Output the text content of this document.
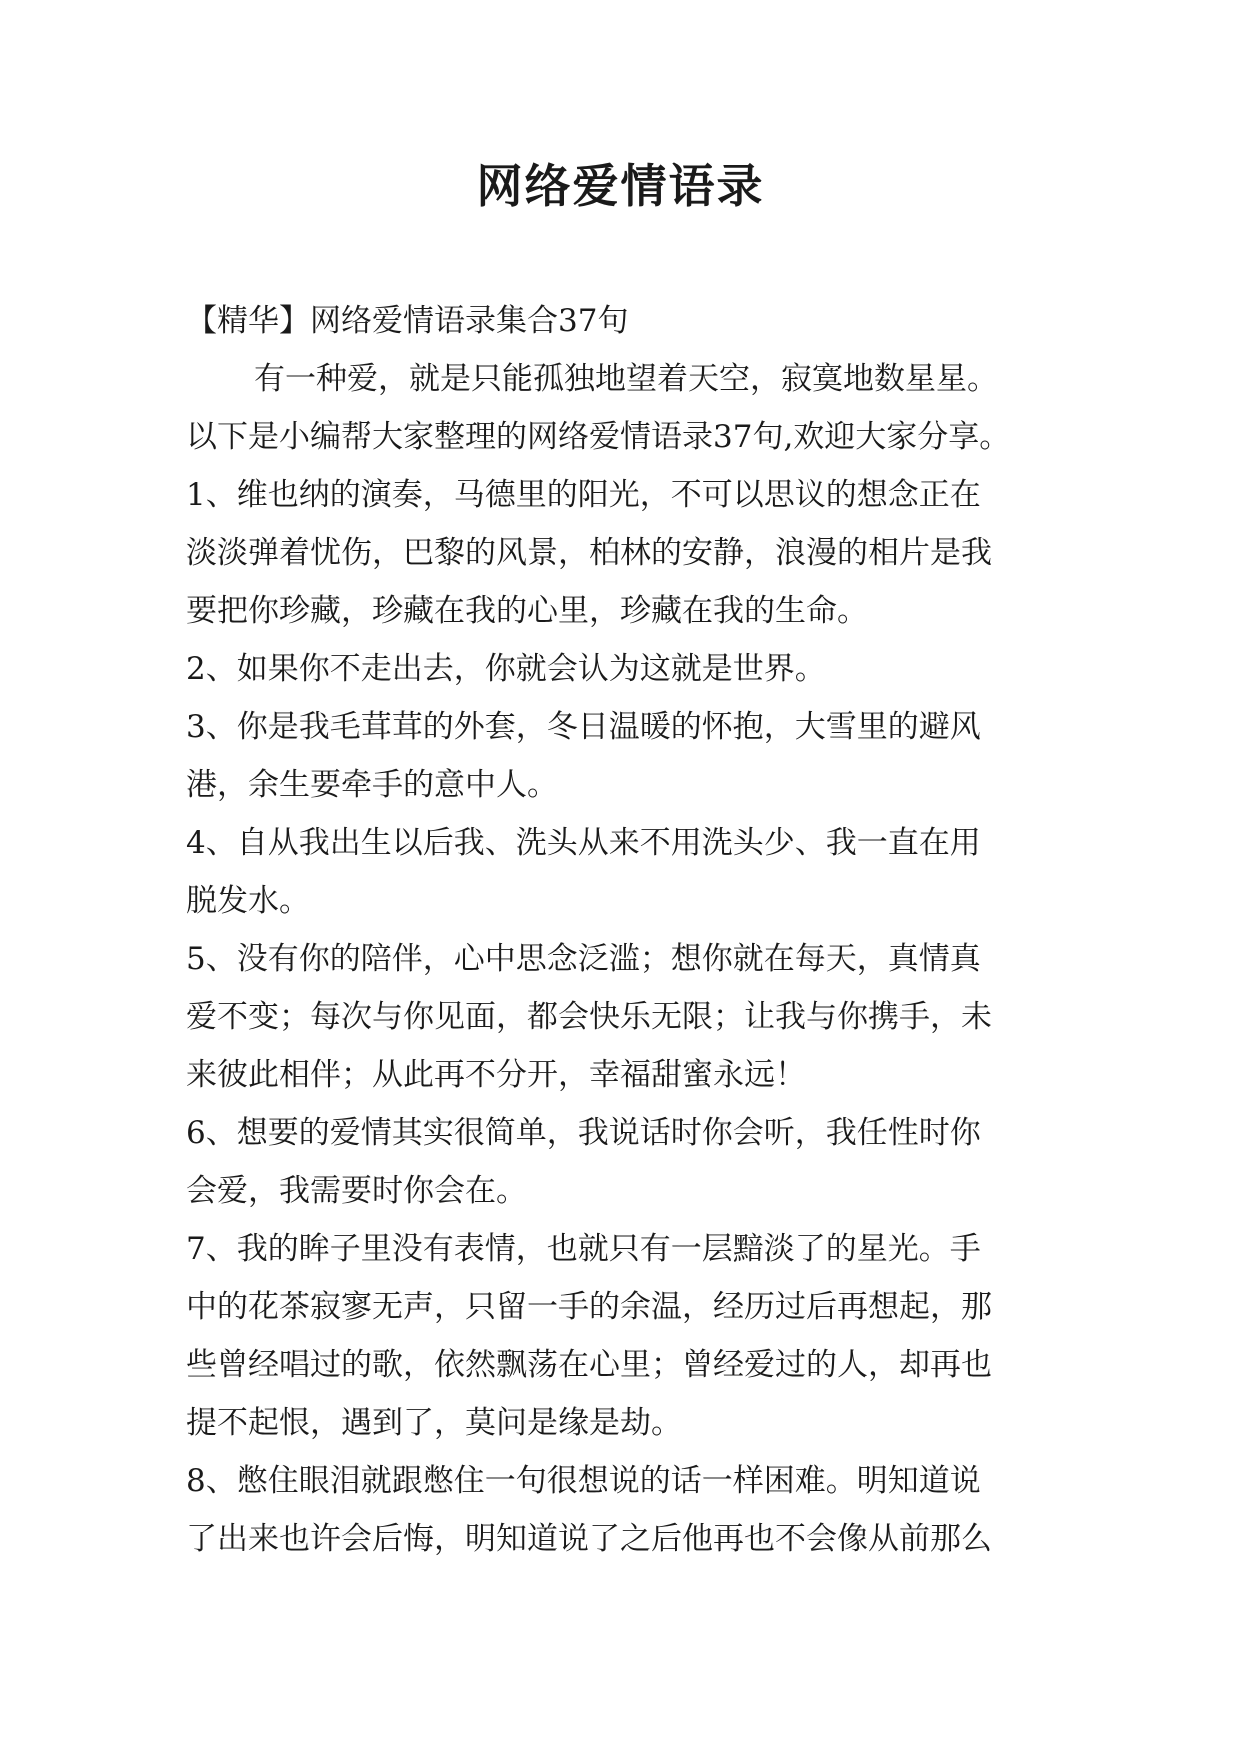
网络爱情语录
【精华】网络爱情语录集合37句
有一种爱，就是只能孤独地望着天空，寂寞地数星星。
以下是小编帮大家整理的网络爱情语录37句,欢迎大家分享。
1、维也纳的演奏，马德里的阳光，不可以思议的想念正在
淡淡弹着忧伤，巴黎的风景，柏林的安静，浪漫的相片是我
要把你珍藏，珍藏在我的心里，珍藏在我的生命。
2、如果你不走出去，你就会认为这就是世界。
3、你是我毛茸茸的外套，冬日温暖的怀抱，大雪里的避风
港，余生要牵手的意中人。
4、自从我出生以后我、洗头从来不用洗头少、我一直在用
脱发水。
5、没有你的陪伴，心中思念泛滥；想你就在每天，真情真
爱不变；每次与你见面，都会快乐无限；让我与你携手，未
来彼此相伴；从此再不分开，幸福甜蜜永远！
6、想要的爱情其实很简单，我说话时你会听，我任性时你
会爱，我需要时你会在。
7、我的眸子里没有表情，也就只有一层黯淡了的星光。手
中的花茶寂寥无声，只留一手的余温，经历过后再想起，那
些曾经唱过的歌，依然飘荡在心里；曾经爱过的人，却再也
提不起恨，遇到了，莫问是缘是劫。
8、憋住眼泪就跟憋住一句很想说的话一样困难。明知道说
了出来也许会后悔，明知道说了之后他再也不会像从前那么
